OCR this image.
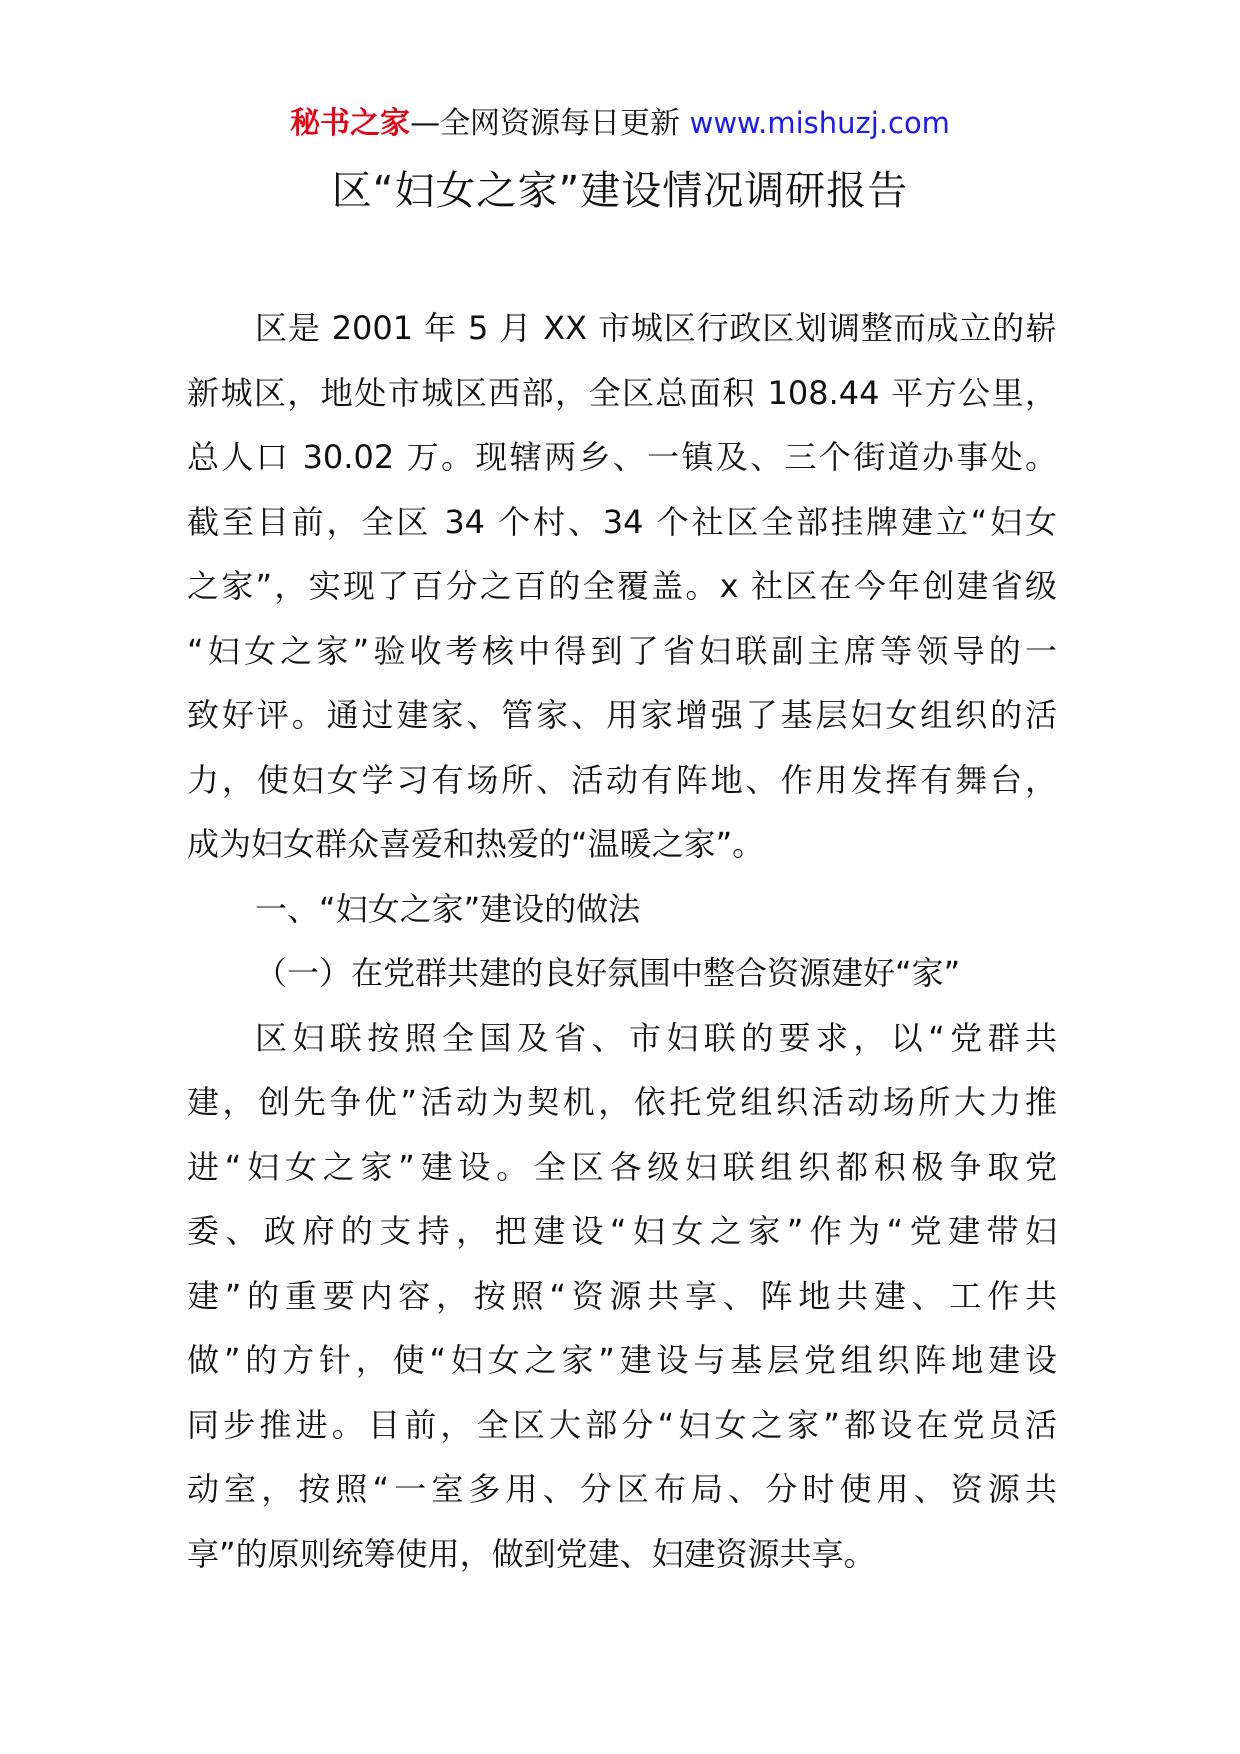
秘书之家—全网资源每日更新 www.mishuzj.com
区“妇女之家”建设情况调研报告
区是 2001 年 5 月 XX 市城区行政区划调整而成立的崭
新城区，地处市城区西部，全区总面积 108.44 平方公里，
总人口 30.02 万。现辖两乡、一镇及、三个街道办事处。
截至目前，全区 34 个村、34 个社区全部挂牌建立“妇女
之家”，实现了百分之百的全覆盖。x 社区在今年创建省级
“妇女之家”验收考核中得到了省妇联副主席等领导的一
致好评。通过建家、管家、用家增强了基层妇女组织的活
力，使妇女学习有场所、活动有阵地、作用发挥有舞台，
成为妇女群众喜爱和热爱的“温暖之家”。
一、“妇女之家”建设的做法
（一）在党群共建的良好氛围中整合资源建好“家”
区妇联按照全国及省、市妇联的要求，以“党群共
建，创先争优”活动为契机，依托党组织活动场所大力推
进“妇女之家”建设。全区各级妇联组织都积极争取党
委、政府的支持，把建设“妇女之家”作为“党建带妇
建”的重要内容，按照“资源共享、阵地共建、工作共
做”的方针，使“妇女之家”建设与基层党组织阵地建设
同步推进。目前，全区大部分“妇女之家”都设在党员活
动室，按照“一室多用、分区布局、分时使用、资源共
享”的原则统筹使用，做到党建、妇建资源共享。
